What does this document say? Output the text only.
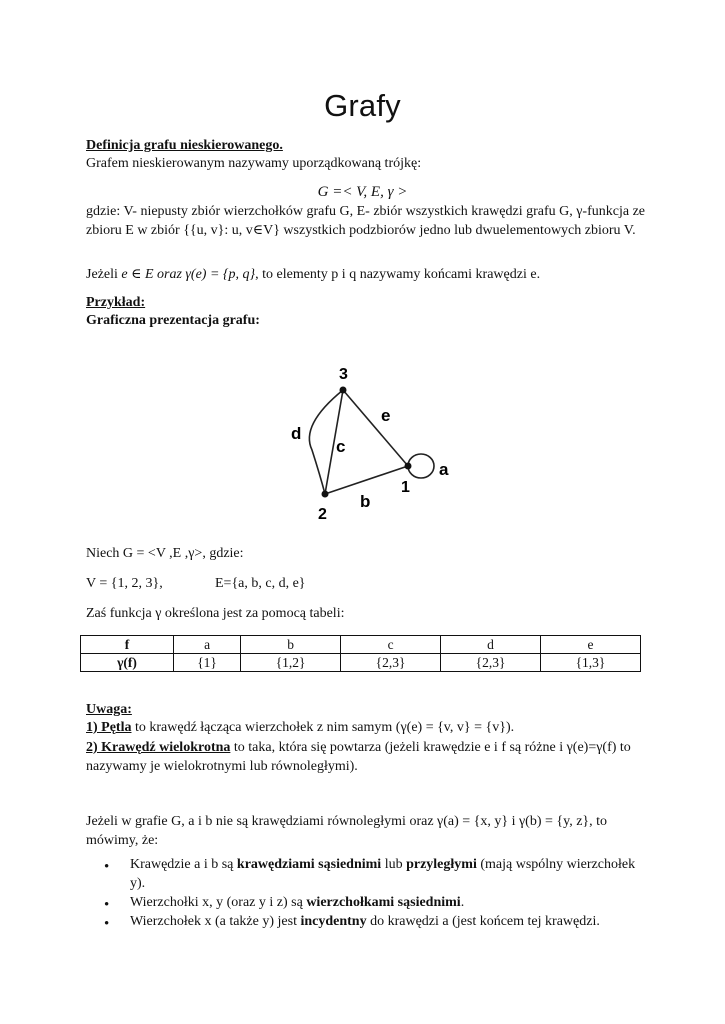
Grafy
Definicja grafu nieskierowanego.
Grafem nieskierowanym nazywamy uporządkowaną trójkę:
G =< V, E, γ >
gdzie: V- niepusty zbiór wierzchołków grafu G, E- zbiór wszystkich krawędzi grafu G, γ-funkcja ze zbioru E w zbiór {{u, v}: u, v∈V} wszystkich podzbiorów jedno lub dwuelementowych zbioru V.
Jeżeli e ∈ E oraz γ(e) = {p, q}, to elementy p i q nazywamy końcami krawędzi e.
Przykład:
Graficzna prezentacja grafu:
3
2
1
a
b
c
d
e
Niech G = <V ,E ,γ>, gdzie:
V = {1, 2, 3},	E={a, b, c, d, e}
Zaś funkcja γ określona jest za pomocą tabeli:
f	a	b	c	d	e
γ(f)	{1}	{1,2}	{2,3}	{2,3}	{1,3}
Uwaga:
1) Pętla to krawędź łącząca wierzchołek z nim samym (γ(e) = {v, v} = {v}).
2) Krawędź wielokrotna to taka, która się powtarza (jeżeli krawędzie e i f są różne i γ(e)=γ(f) to nazywamy je wielokrotnymi lub równoległymi).
Jeżeli w grafie G, a i b nie są krawędziami równoległymi oraz γ(a) = {x, y} i γ(b) = {y, z}, to mówimy, że:
• Krawędzie a i b są krawędziami sąsiednimi lub przyległymi (mają wspólny wierzchołek y).
• Wierzchołki x, y (oraz y i z) są wierzchołkami sąsiednimi.
• Wierzchołek x (a także y) jest incydentny do krawędzi a (jest końcem tej krawędzi.
